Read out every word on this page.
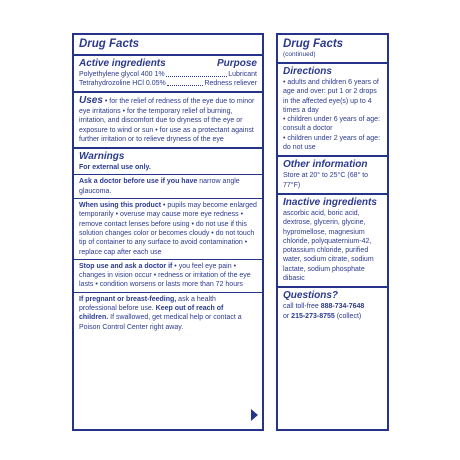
Drug Facts
Active ingredients	Purpose
Polyethylene glycol 400 1%	Lubricant
Tetrahydrozoline HCl 0.05%	Redness reliever
Uses • for the relief of redness of the eye due to minor eye irritations • for the temporary relief of burning, irritation, and discomfort due to dryness of the eye or exposure to wind or sun • for use as a protectant against further irritation or to relieve dryness of the eye
Warnings
For external use only.
Ask a doctor before use if you have narrow angle glaucoma.
When using this product • pupils may become enlarged temporarily • overuse may cause more eye redness • remove contact lenses before using • do not use if this solution changes color or becomes cloudy • do not touch tip of container to any surface to avoid contamination • replace cap after each use
Stop use and ask a doctor if • you feel eye pain • changes in vision occur • redness or irritation of the eye lasts • condition worsens or lasts more than 72 hours
If pregnant or breast-feeding, ask a health professional before use. Keep out of reach of children. If swallowed, get medical help or contact a Poison Control Center right away.
Drug Facts
(continued)
Directions
• adults and children 6 years of age and over: put 1 or 2 drops in the affected eye(s) up to 4 times a day
• children under 6 years of age: consult a doctor
• children under 2 years of age: do not use
Other information
Store at 20° to 25°C (68° to 77°F)
Inactive ingredients
ascorbic acid, boric acid, dextrose, glycerin, glycine, hypromellose, magnesium chloride, polyquaternium-42, potassium chloride, purified water, sodium citrate, sodium lactate, sodium phosphate dibasic
Questions?
call toll-free 888-734-7648
or 215-273-8755 (collect)
